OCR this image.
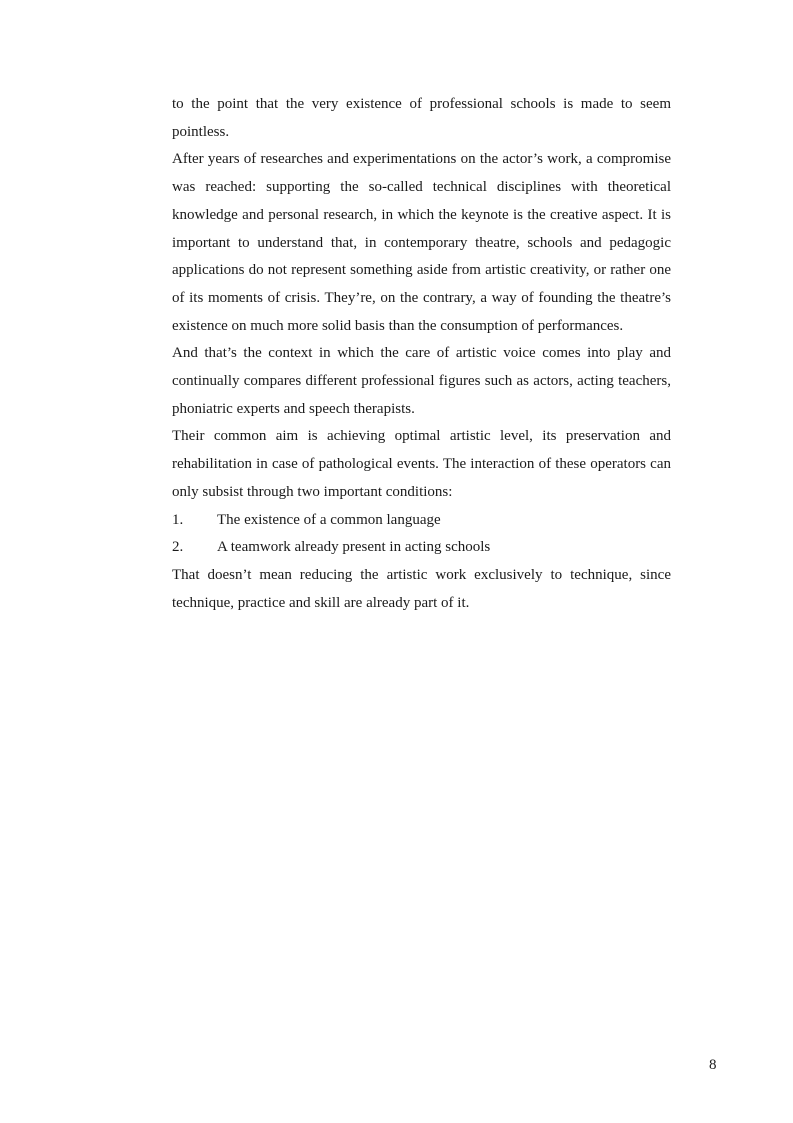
to the point that the very existence of professional schools is made to seem pointless.

After years of researches and experimentations on the actor’s work, a compromise was reached: supporting the so-called technical disciplines with theoretical knowledge and personal research, in which the keynote is the creative aspect. It is important to understand that, in contemporary theatre, schools and pedagogic applications do not represent something aside from artistic creativity, or rather one of its moments of crisis. They’re, on the contrary, a way of founding the theatre’s existence on much more solid basis than the consumption of performances.

And that’s the context in which the care of artistic voice comes into play and continually compares different professional figures such as actors, acting teachers, phoniatric experts and speech therapists.

Their common aim is achieving optimal artistic level, its preservation and rehabilitation in case of pathological events. The interaction of these operators can only subsist through two important conditions:

1.	The existence of a common language
2.	A teamwork already present in acting schools

That doesn’t mean reducing the artistic work exclusively to technique, since technique, practice and skill are already part of it.

8
